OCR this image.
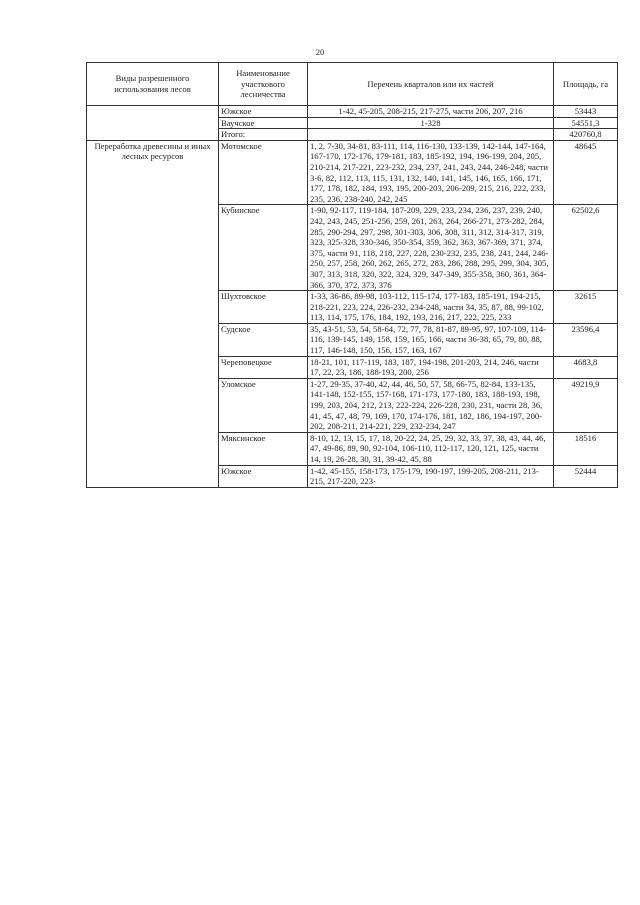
20
Виды разрешенного использования лесов	Наименование участкового лесничества	Перечень кварталов или их частей	Площадь, га
	Южское	1-42, 45-205, 208-215, 217-275, части 206, 207, 216	53443
	Ваучское	1-328	54551,3
	Итого:		420760,8
Переработка древесины и иных лесных ресурсов	Мотомское	1, 2, 7-30, 34-81, 83-111, 114, 116-130, 133-139, 142-144, 147-164, 167-170, 172-176, 179-181, 183, 185-192, 194, 196-199, 204, 205, 210-214, 217-221, 223-232, 234, 237, 241, 243, 244, 246-248, части 3-6, 82, 112, 113, 115, 131, 132, 140, 141, 145, 146, 165, 166, 171, 177, 178, 182, 184, 193, 195, 200-203, 206-209, 215, 216, 222, 233, 235, 236, 238-240, 242, 245	48645
	Кубинское	1-90, 92-117, 119-184, 187-209, 229, 233, 234, 236, 237, 239, 240, 242, 243, 245, 251-256, 259, 261, 263, 264, 266-271, 273-282, 284, 285, 290-294, 297, 298, 301-303, 306, 308, 311, 312, 314-317, 319, 323, 325-328, 330-346, 350-354, 359, 362, 363, 367-369, 371, 374, 375, части 91, 118, 218, 227, 228, 230-232, 235, 238, 241, 244, 246-250, 257, 258, 260, 262, 265, 272, 283, 286, 288, 295, 299, 304, 305, 307, 313, 318, 320, 322, 324, 329, 347-349, 355-358, 360, 361, 364-366, 370, 372, 373, 376	62502,6
	Шухтовское	1-33, 36-86, 89-98, 103-112, 115-174, 177-183, 185-191, 194-215, 218-221, 223, 224, 226-232, 234-248, части 34, 35, 87, 88, 99-102, 113, 114, 175, 176, 184, 192, 193, 216, 217, 222, 225, 233	32615
	Судское	35, 43-51, 53, 54, 58-64, 72, 77, 78, 81-87, 89-95, 97, 107-109, 114-116, 139-145, 149, 158, 159, 165, 166, части 36-38, 65, 79, 80, 88, 117, 146-148, 150, 156, 157, 163, 167	23596,4
	Череповецкое	18-21, 101, 117-119, 183, 187, 194-198, 201-203, 214, 246, части 17, 22, 23, 186, 188-193, 200, 256	4683,8
	Уломское	1-27, 29-35, 37-40, 42, 44, 46, 50, 57, 58, 66-75, 82-84, 133-135, 141-148, 152-155, 157-168, 171-173, 177-180, 183, 188-193, 198, 199, 203, 204, 212, 213, 222-224, 226-228, 230, 231, части 28, 36, 41, 45, 47, 48, 79, 169, 170, 174-176, 181, 182, 186, 194-197, 200-202, 208-211, 214-221, 229, 232-234, 247	49219,9
	Мяксинское	8-10, 12, 13, 15, 17, 18, 20-22, 24, 25, 29, 32, 33, 37, 38, 43, 44, 46, 47, 49-86, 89, 90, 92-104, 106-110, 112-117, 120, 121, 125, части 14, 19, 26-28, 30, 31, 39-42, 45, 88	18516
	Южское	1-42, 45-155, 158-173, 175-179, 190-197, 199-205, 208-211, 213-215, 217-220, 223-	52444
